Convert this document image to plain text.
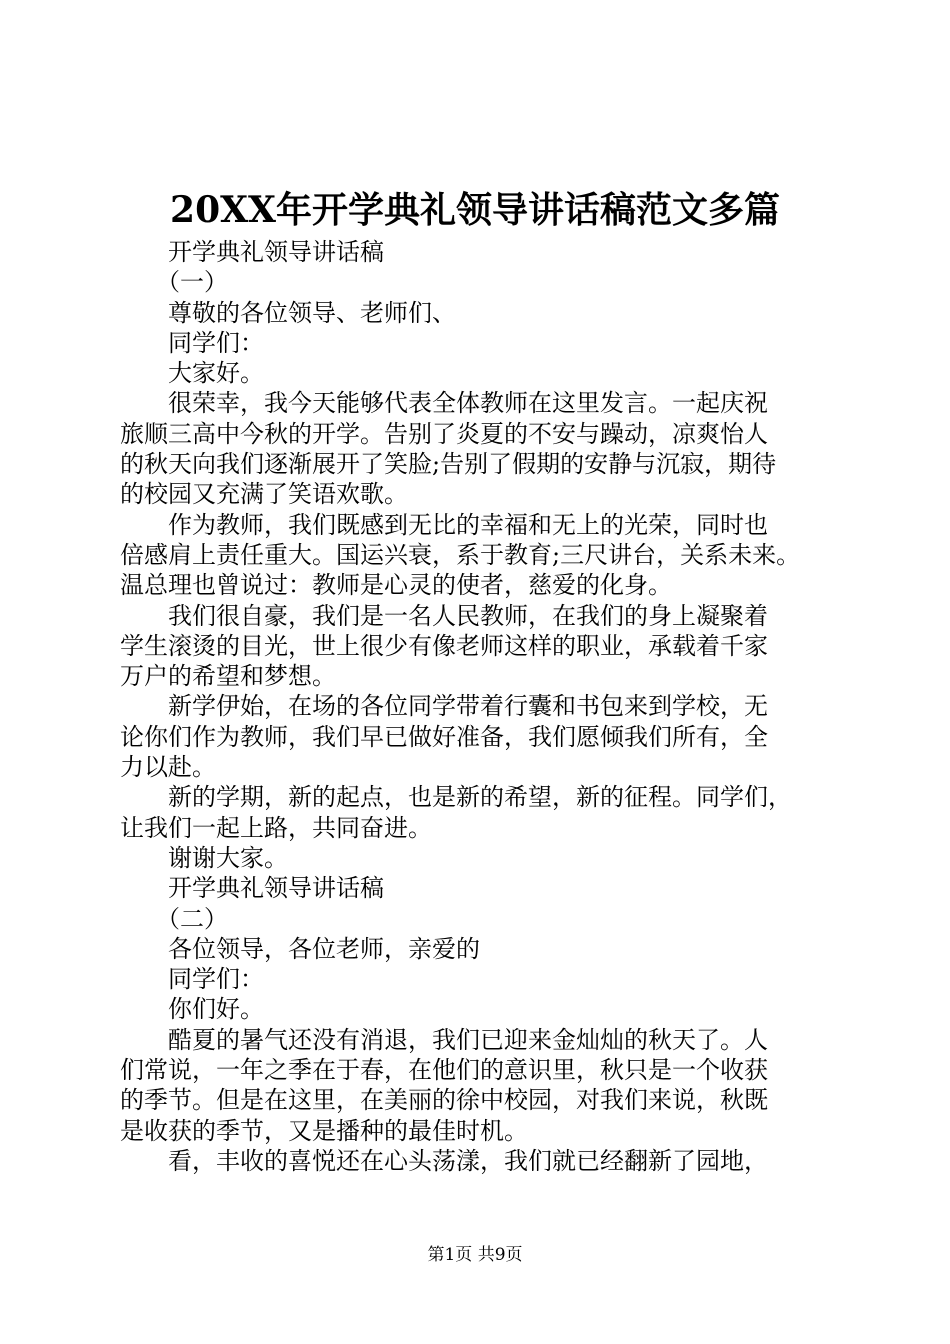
20XX年开学典礼领导讲话稿范文多篇
　　开学典礼领导讲话稿
　　（一）
　　尊敬的各位领导、老师们、
　　同学们：
　　大家好。
　　很荣幸，我今天能够代表全体教师在这里发言。一起庆祝
旅顺三高中今秋的开学。告别了炎夏的不安与躁动，凉爽怡人
的秋天向我们逐渐展开了笑脸;告别了假期的安静与沉寂，期待
的校园又充满了笑语欢歌。
　　作为教师，我们既感到无比的幸福和无上的光荣，同时也
倍感肩上责任重大。国运兴衰，系于教育;三尺讲台，关系未来。
温总理也曾说过：教师是心灵的使者，慈爱的化身。
　　我们很自豪，我们是一名人民教师，在我们的身上凝聚着
学生滚烫的目光，世上很少有像老师这样的职业，承载着千家
万户的希望和梦想。
　　新学伊始，在场的各位同学带着行囊和书包来到学校，无
论你们作为教师，我们早已做好准备，我们愿倾我们所有，全
力以赴。
　　新的学期，新的起点，也是新的希望，新的征程。同学们，
让我们一起上路，共同奋进。
　　谢谢大家。
　　开学典礼领导讲话稿
　　（二）
　　各位领导，各位老师，亲爱的
　　同学们：
　　你们好。
　　酷夏的暑气还没有消退，我们已迎来金灿灿的秋天了。人
们常说，一年之季在于春，在他们的意识里，秋只是一个收获
的季节。但是在这里，在美丽的徐中校园，对我们来说，秋既
是收获的季节，又是播种的最佳时机。
　　看，丰收的喜悦还在心头荡漾，我们就已经翻新了园地，
第1页 共9页
